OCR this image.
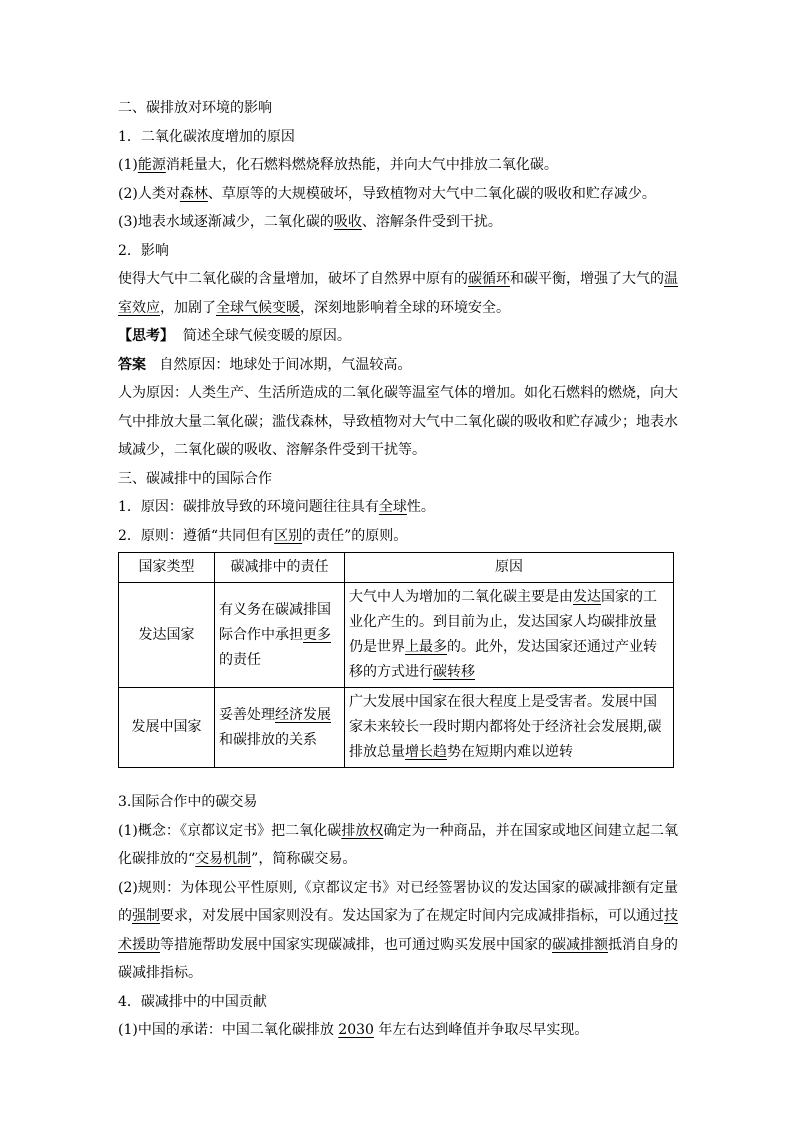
二、碳排放对环境的影响

1．二氧化碳浓度增加的原因

(1)能源消耗量大，化石燃料燃烧释放热能，并向大气中排放二氧化碳。

(2)人类对森林、草原等的大规模破坏，导致植物对大气中二氧化碳的吸收和贮存减少。

(3)地表水域逐渐减少，二氧化碳的吸收、溶解条件受到干扰。

2．影响

使得大气中二氧化碳的含量增加，破坏了自然界中原有的碳循环和碳平衡，增强了大气的温室效应，加剧了全球气候变暖，深刻地影响着全球的环境安全。

【思考】 简述全球气候变暖的原因。

答案 自然原因：地球处于间冰期，气温较高。

人为原因：人类生产、生活所造成的二氧化碳等温室气体的增加。如化石燃料的燃烧，向大气中排放大量二氧化碳；滥伐森林，导致植物对大气中二氧化碳的吸收和贮存减少；地表水域减少，二氧化碳的吸收、溶解条件受到干扰等。

三、碳减排中的国际合作

1．原因：碳排放导致的环境问题往往具有全球性。

2．原则：遵循“共同但有区别的责任”的原则。

国家类型	碳减排中的责任	原因
发达国家	有义务在碳减排国际合作中承担更多的责任	大气中人为增加的二氧化碳主要是由发达国家的工业化产生的。到目前为止，发达国家人均碳排放量仍是世界上最多的。此外，发达国家还通过产业转移的方式进行碳转移
发展中国家	妥善处理经济发展和碳排放的关系	广大发展中国家在很大程度上是受害者。发展中国家未来较长一段时期内都将处于经济社会发展期,碳排放总量增长趋势在短期内难以逆转

3.国际合作中的碳交易

(1)概念：《京都议定书》把二氧化碳排放权确定为一种商品，并在国家或地区间建立起二氧化碳排放的“交易机制”，简称碳交易。

(2)规则：为体现公平性原则,《京都议定书》对已经签署协议的发达国家的碳减排额有定量的强制要求，对发展中国家则没有。发达国家为了在规定时间内完成减排指标，可以通过技术援助等措施帮助发展中国家实现碳减排，也可通过购买发展中国家的碳减排额抵消自身的碳减排指标。

4．碳减排中的中国贡献

(1)中国的承诺：中国二氧化碳排放 2030 年左右达到峰值并争取尽早实现。
